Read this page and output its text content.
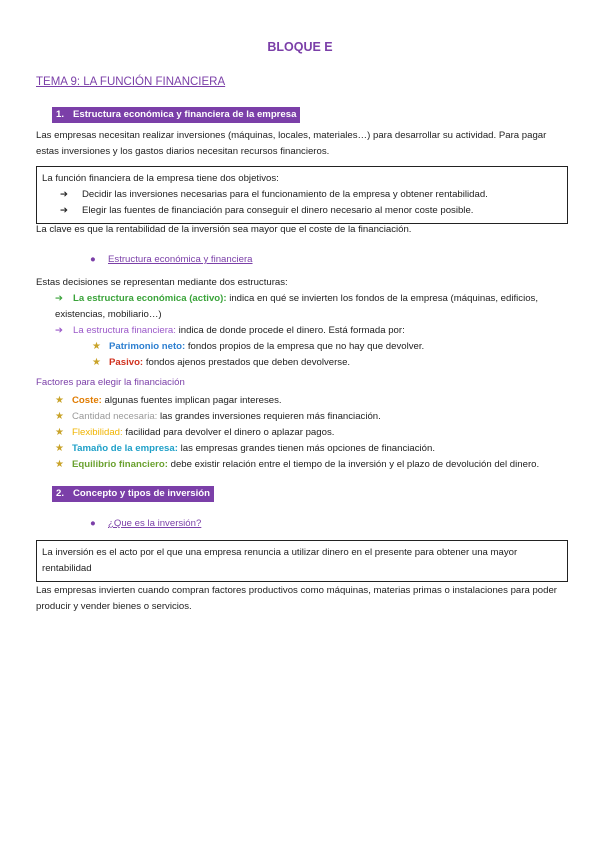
BLOQUE E
TEMA 9: LA FUNCIÓN FINANCIERA
1. Estructura económica y financiera de la empresa
Las empresas necesitan realizar inversiones (máquinas, locales, materiales…) para desarrollar su actividad. Para pagar estas inversiones y los gastos diarios necesitan recursos financieros.
La función financiera de la empresa tiene dos objetivos:
➔ Decidir las inversiones necesarias para el funcionamiento de la empresa y obtener rentabilidad.
➔ Elegir las fuentes de financiación para conseguir el dinero necesario al menor coste posible.
La clave es que la rentabilidad de la inversión sea mayor que el coste de la financiación.
● Estructura económica y financiera
Estas decisiones se representan mediante dos estructuras:
➔ La estructura económica (activo): indica en qué se invierten los fondos de la empresa (máquinas, edificios, existencias, mobiliario…)
➔ La estructura financiera: indica de donde procede el dinero. Está formada por:
★ Patrimonio neto: fondos propios de la empresa que no hay que devolver.
★ Pasivo: fondos ajenos prestados que deben devolverse.
Factores para elegir la financiación
★ Coste: algunas fuentes implican pagar intereses.
★ Cantidad necesaria: las grandes inversiones requieren más financiación.
★ Flexibilidad: facilidad para devolver el dinero o aplazar pagos.
★ Tamaño de la empresa: las empresas grandes tienen más opciones de financiación.
★ Equilibrio financiero: debe existir relación entre el tiempo de la inversión y el plazo de devolución del dinero.
2. Concepto y tipos de inversión
● ¿Que es la inversión?
La inversión es el acto por el que una empresa renuncia a utilizar dinero en el presente para obtener una mayor rentabilidad
Las empresas invierten cuando compran factores productivos como máquinas, materias primas o instalaciones para poder producir y vender bienes o servicios.
